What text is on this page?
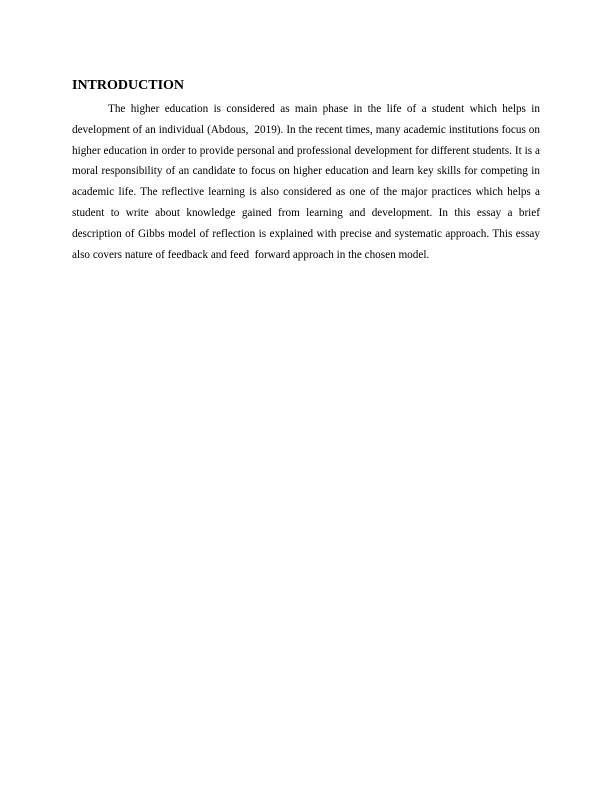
INTRODUCTION

The higher education is considered as main phase in the life of a student which helps in development of an individual (Abdous,  2019). In the recent times, many academic institutions focus on higher education in order to provide personal and professional development for different students. It is a moral responsibility of an candidate to focus on higher education and learn key skills for competing in academic life. The reflective learning is also considered as one of the major practices which helps a student to write about knowledge gained from learning and development. In this essay a brief description of Gibbs model of reflection is explained with precise and systematic approach. This essay also covers nature of feedback and feed  forward approach in the chosen model.
